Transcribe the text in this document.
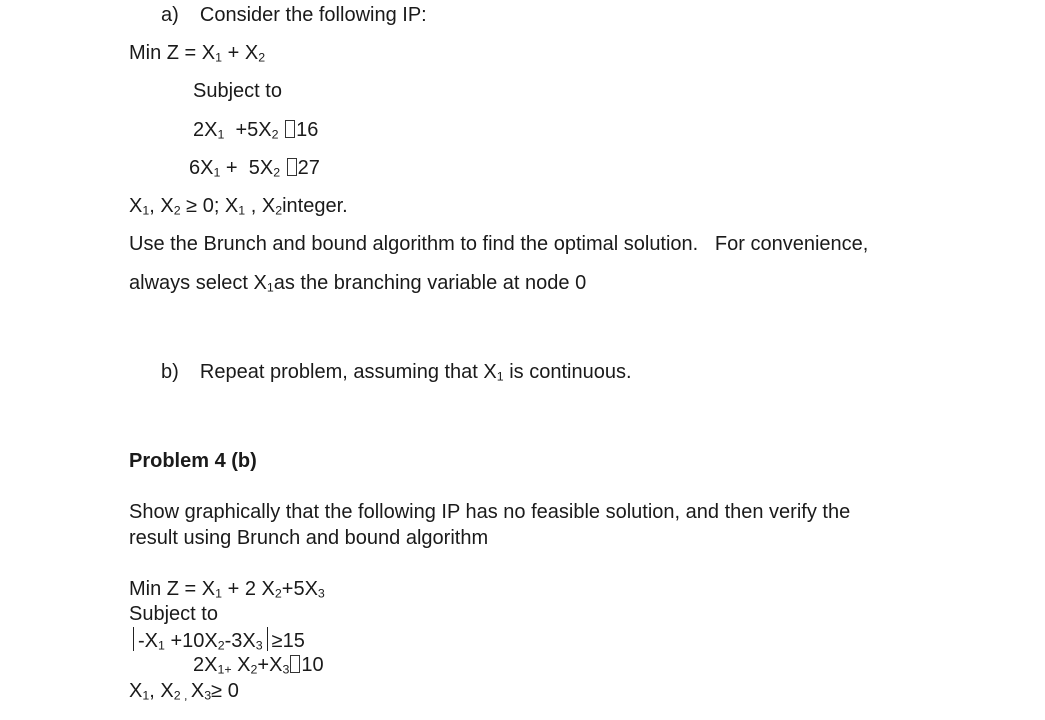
a) Consider the following IP:
Min $Z = X_1 + X_2$
Subject to
$2X_1 +5X_2$ 16
$6X_1 + 5X_2$ 27
$X_1$, $X_2 \ge 0$; $X_1$ , $X_2integer$.
Use the Brunch and bound algorithm to find the optimal solution.   For convenience,
always select $X_1as$ the branching variable at node 0
b) Repeat problem, assuming that $X_1$ is continuous.
Problem 4 (b)
Show graphically that the following IP has no feasible solution, and then verify the
result using Brunch and bound algorithm
Min $Z = X_1 + 2$ $X_2+5X_3$
Subject to
$-X_1 +10X_2-3X_3 \ge 15$
$2X_{1+}$ $X_2+X_3$ 10
$X_1$, $X_{2 ,}$ $X_3\ge 0$
